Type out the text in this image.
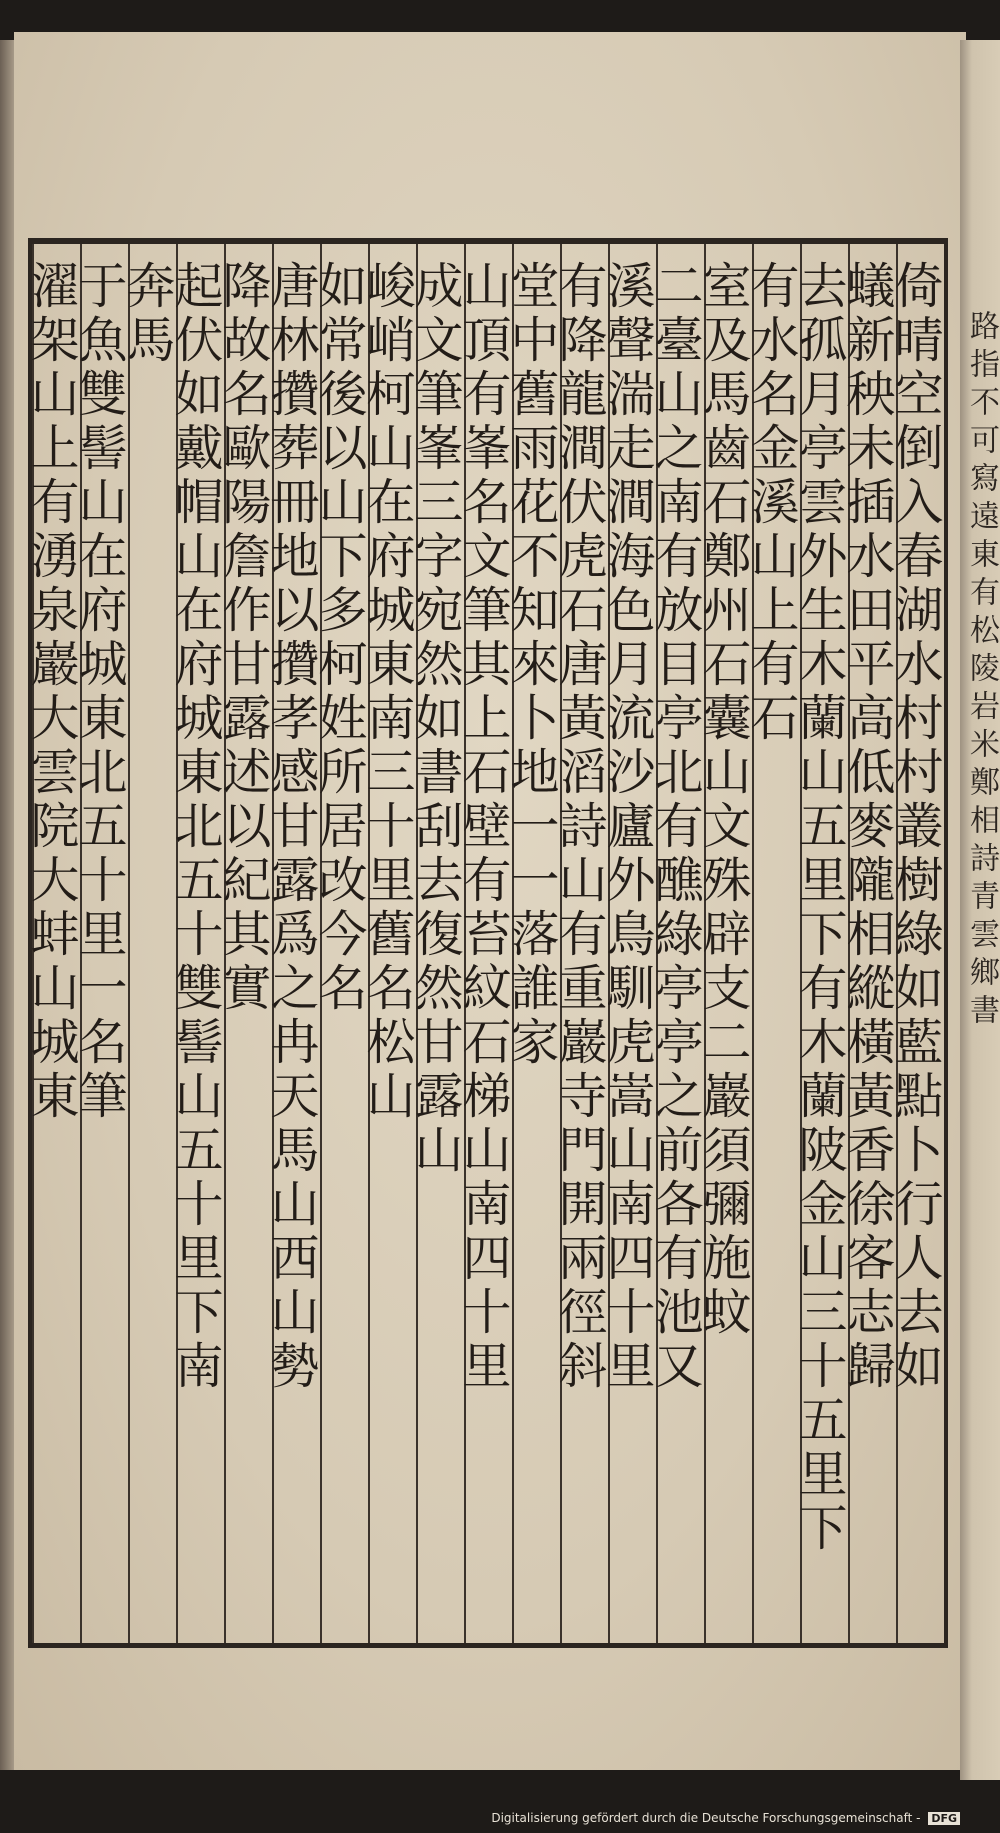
路指不可寫遠東有松陵岩米鄭相詩青雲鄉書
倚晴空倒入春湖水村村叢樹綠如藍點卜行人去如
蟻新秧未插水田平高低麥隴相縱橫黃香徐客志歸
去孤月亭雲外生木蘭山五里下有木蘭陂金山三十五里下
有水名金溪山上有石
室及馬齒石鄭州石囊山文殊辟支二巖須彌施蚊
二臺山之南有放目亭北有醮綠亭亭之前各有池又
溪聲湍走澗海色月流沙廬外鳥馴虎嵩山南四十里
有降龍澗伏虎石唐黃滔詩山有重巖寺門開兩徑斜
堂中舊雨花不知來卜地一一落誰家
山頂有峯名文筆其上石壁有苔紋石梯山南四十里
成文筆峯三字宛然如書刮去復然甘露山
峻峭柯山在府城東南三十里舊名松山
如常後以山下多柯姓所居改今名
唐林攢葬冊地以攢孝感甘露爲之冉天馬山西山勢
降故名歐陽詹作甘露述以紀其實
起伏如戴帽山在府城東北五十雙髻山五十里下南
奔馬
于魚雙髻山在府城東北五十里一名筆
濯架山上有湧泉巖大雲院大蚌山城東
Digitalisierung gefördert durch die Deutsche Forschungsgemeinschaft - DFG
